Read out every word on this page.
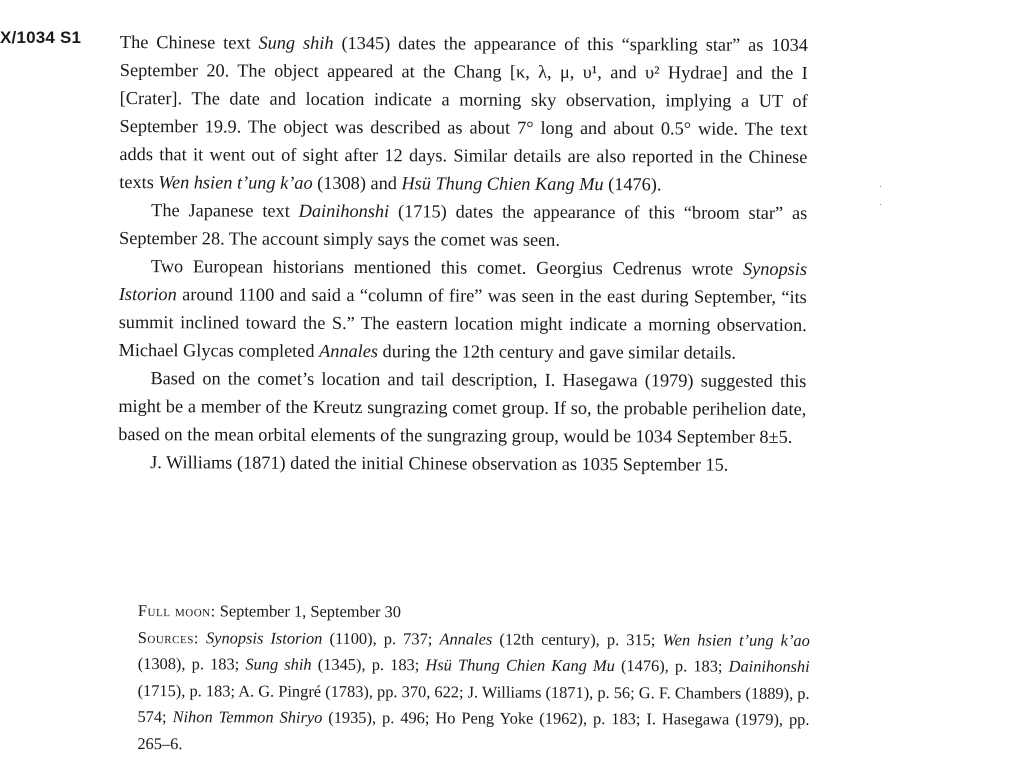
X/1034 S1 The Chinese text Sung shih (1345) dates the appearance of this “sparkling star” as 1034 September 20. The object appeared at the Chang [κ, λ, μ, υ¹, and υ² Hydrae] and the I [Crater]. The date and location indicate a morning sky observation, implying a UT of September 19.9. The object was described as about 7° long and about 0.5° wide. The text adds that it went out of sight after 12 days. Similar details are also reported in the Chinese texts Wen hsien t’ung k’ao (1308) and Hsü Thung Chien Kang Mu (1476).

The Japanese text Dainihonshi (1715) dates the appearance of this “broom star” as September 28. The account simply says the comet was seen.

Two European historians mentioned this comet. Georgius Cedrenus wrote Synopsis Istorion around 1100 and said a “column of fire” was seen in the east during September, “its summit inclined toward the S.” The eastern location might indicate a morning observation. Michael Glycas completed Annales during the 12th century and gave similar details.

Based on the comet’s location and tail description, I. Hasegawa (1979) suggested this might be a member of the Kreutz sungrazing comet group. If so, the probable perihelion date, based on the mean orbital elements of the sungrazing group, would be 1034 September 8±5.

J. Williams (1871) dated the initial Chinese observation as 1035 September 15.

Full moon: September 1, September 30

Sources: Synopsis Istorion (1100), p. 737; Annales (12th century), p. 315; Wen hsien t’ung k’ao (1308), p. 183; Sung shih (1345), p. 183; Hsü Thung Chien Kang Mu (1476), p. 183; Dainihonshi (1715), p. 183; A. G. Pingré (1783), pp. 370, 622; J. Williams (1871), p. 56; G. F. Chambers (1889), p. 574; Nihon Temmon Shiryo (1935), p. 496; Ho Peng Yoke (1962), p. 183; I. Hasegawa (1979), pp. 265–6.
